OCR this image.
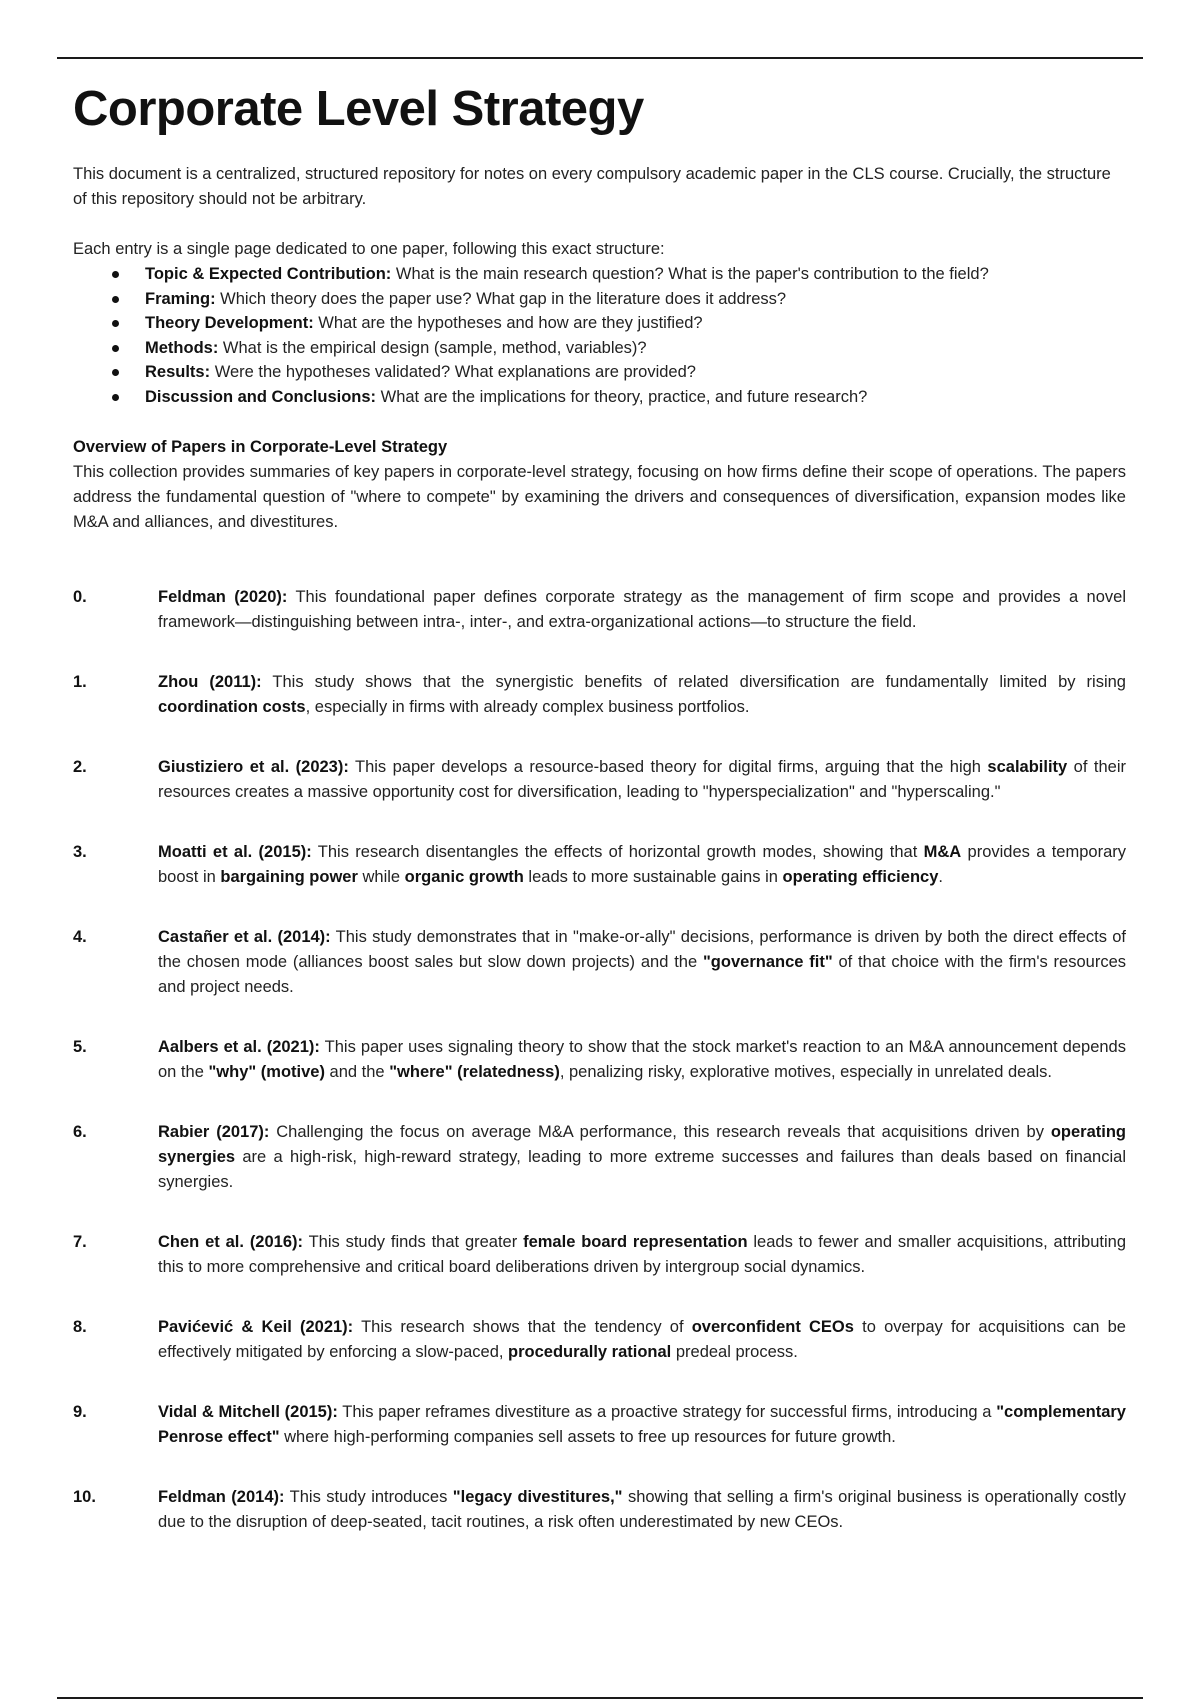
Corporate Level Strategy

This document is a centralized, structured repository for notes on every compulsory academic paper in the CLS course. Crucially, the structure of this repository should not be arbitrary.

Each entry is a single page dedicated to one paper, following this exact structure:

Topic & Expected Contribution: What is the main research question? What is the paper's contribution to the field?
Framing: Which theory does the paper use? What gap in the literature does it address?
Theory Development: What are the hypotheses and how are they justified?
Methods: What is the empirical design (sample, method, variables)?
Results: Were the hypotheses validated? What explanations are provided?
Discussion and Conclusions: What are the implications for theory, practice, and future research?

Overview of Papers in Corporate-Level Strategy

This collection provides summaries of key papers in corporate-level strategy, focusing on how firms define their scope of operations. The papers address the fundamental question of "where to compete" by examining the drivers and consequences of diversification, expansion modes like M&A and alliances, and divestitures.

0.	Feldman (2020): This foundational paper defines corporate strategy as the management of firm scope and provides a novel framework—distinguishing between intra-, inter-, and extra-organizational actions—to structure the field.
1.	Zhou (2011): This study shows that the synergistic benefits of related diversification are fundamentally limited by rising coordination costs, especially in firms with already complex business portfolios.
2.	Giustiziero et al. (2023): This paper develops a resource-based theory for digital firms, arguing that the high scalability of their resources creates a massive opportunity cost for diversification, leading to "hyperspecialization" and "hyperscaling."
3.	Moatti et al. (2015): This research disentangles the effects of horizontal growth modes, showing that M&A provides a temporary boost in bargaining power while organic growth leads to more sustainable gains in operating efficiency.
4.	Castañer et al. (2014): This study demonstrates that in "make-or-ally" decisions, performance is driven by both the direct effects of the chosen mode (alliances boost sales but slow down projects) and the "governance fit" of that choice with the firm's resources and project needs.
5.	Aalbers et al. (2021): This paper uses signaling theory to show that the stock market's reaction to an M&A announcement depends on the "why" (motive) and the "where" (relatedness), penalizing risky, explorative motives, especially in unrelated deals.
6.	Rabier (2017): Challenging the focus on average M&A performance, this research reveals that acquisitions driven by operating synergies are a high-risk, high-reward strategy, leading to more extreme successes and failures than deals based on financial synergies.
7.	Chen et al. (2016): This study finds that greater female board representation leads to fewer and smaller acquisitions, attributing this to more comprehensive and critical board deliberations driven by intergroup social dynamics.
8.	Pavićević & Keil (2021): This research shows that the tendency of overconfident CEOs to overpay for acquisitions can be effectively mitigated by enforcing a slow-paced, procedurally rational predeal process.
9.	Vidal & Mitchell (2015): This paper reframes divestiture as a proactive strategy for successful firms, introducing a "complementary Penrose effect" where high-performing companies sell assets to free up resources for future growth.
10.	Feldman (2014): This study introduces "legacy divestitures," showing that selling a firm's original business is operationally costly due to the disruption of deep-seated, tacit routines, a risk often underestimated by new CEOs.
